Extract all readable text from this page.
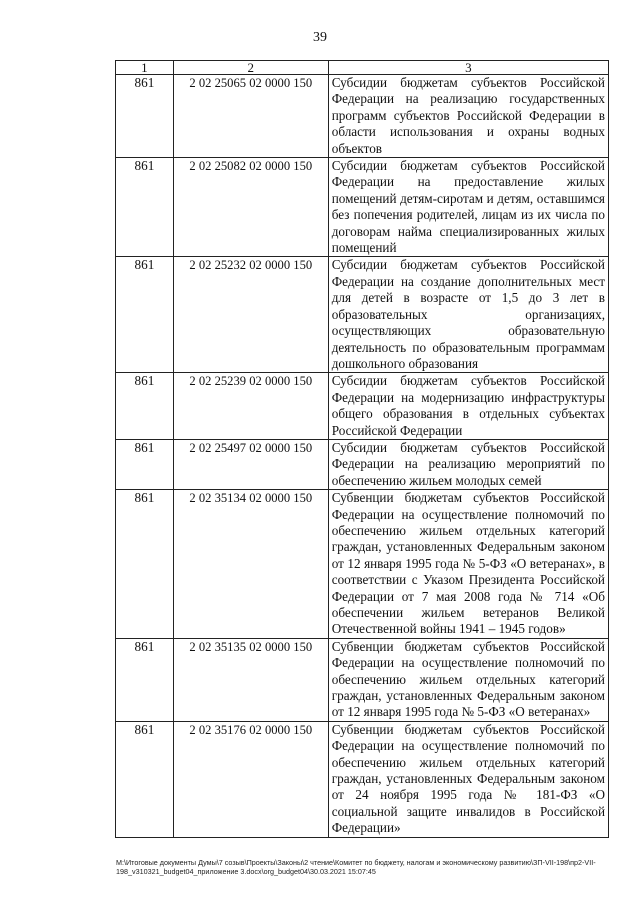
39
1	2	3
861	2 02 25065 02 0000 150	Субсидии бюджетам субъектов Российской Федерации на реализацию государственных программ субъектов Российской Федерации в области использования и охраны водных объектов
861	2 02 25082 02 0000 150	Субсидии бюджетам субъектов Российской Федерации на предоставление жилых помещений детям-сиротам и детям, оставшимся без попечения родителей, лицам из их числа по договорам найма специализированных жилых помещений
861	2 02 25232 02 0000 150	Субсидии бюджетам субъектов Российской Федерации на создание дополнительных мест для детей в возрасте от 1,5 до 3 лет в образовательных организациях, осуществляющих образовательную деятельность по образовательным программам дошкольного образования
861	2 02 25239 02 0000 150	Субсидии бюджетам субъектов Российской Федерации на модернизацию инфраструктуры общего образования в отдельных субъектах Российской Федерации
861	2 02 25497 02 0000 150	Субсидии бюджетам субъектов Российской Федерации на реализацию мероприятий по обеспечению жильем молодых семей
861	2 02 35134 02 0000 150	Субвенции бюджетам субъектов Российской Федерации на осуществление полномочий по обеспечению жильем отдельных категорий граждан, установленных Федеральным законом от 12 января 1995 года № 5-ФЗ «О ветеранах», в соответствии с Указом Президента Российской Федерации от 7 мая 2008 года № 714 «Об обеспечении жильем ветеранов Великой Отечественной войны 1941 – 1945 годов»
861	2 02 35135 02 0000 150	Субвенции бюджетам субъектов Российской Федерации на осуществление полномочий по обеспечению жильем отдельных категорий граждан, установленных Федеральным законом от 12 января 1995 года № 5-ФЗ «О ветеранах»
861	2 02 35176 02 0000 150	Субвенции бюджетам субъектов Российской Федерации на осуществление полномочий по обеспечению жильем отдельных категорий граждан, установленных Федеральным законом от 24 ноября 1995 года № 181-ФЗ «О социальной защите инвалидов в Российской Федерации»
M:\Итоговые документы Думы\7 созыв\Проекты\Законы\2 чтение\Комитет по бюджету, налогам и экономическому развитию\ЗП-VII-198\пр2-VII-
198_v310321_budget04_приложение 3.docx\org_budget04\30.03.2021 15:07:45
